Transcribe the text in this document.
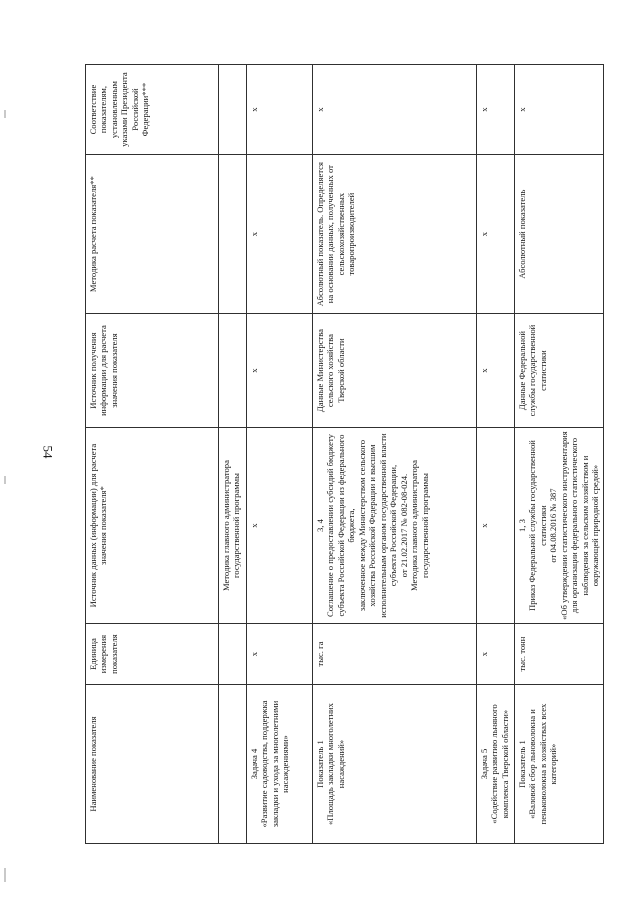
54
Наименование показателя	Единица измерения показателя	Источник данных (информации) для расчета значения показателя*	Источник получения информации для расчета значения показателя	Методика расчета показателя**	Соответствие показателям, установленным указами Президента Российской Федерации***
		Методика главного администратора государственной программы			

Задача 4 «Развитие садоводства, поддержка закладки и ухода за многолетними насаждениями»	х	х	х	х	х

Показатель 1 «Площадь закладки многолетних насаждений»	тыс. га	3, 4 Соглашение о предоставлении субсидий бюджету субъекта Российской Федерации из федерального бюджета, заключенное между Министерством сельского хозяйства Российской Федерации и высшим исполнительным органом государственной власти субъекта Российской Федерации, от 21.02.2017 № 082-08-024. Методика главного администратора государственной программы	Данные Министерства сельского хозяйства Тверской области	Абсолютный показатель. Определяется на основании данных, полученных от сельскохозяйственных товаропроизводителей	х

Задача 5 «Содействие развитию льняного комплекса Тверской области»	х	х	х	х	х

Показатель 1 «Валовой сбор льноволокна и пеньковолокна в хозяйствах всех категорий»	тыс. тонн	1, 3 Приказ Федеральной службы государственной статистики от 04.08.2016 № 387 «Об утверждении статистического инструментария для организации федерального статистического наблюдения за сельским хозяйством и окружающей природной средой»	Данные Федеральной службы государственной статистики	Абсолютный показатель	х
